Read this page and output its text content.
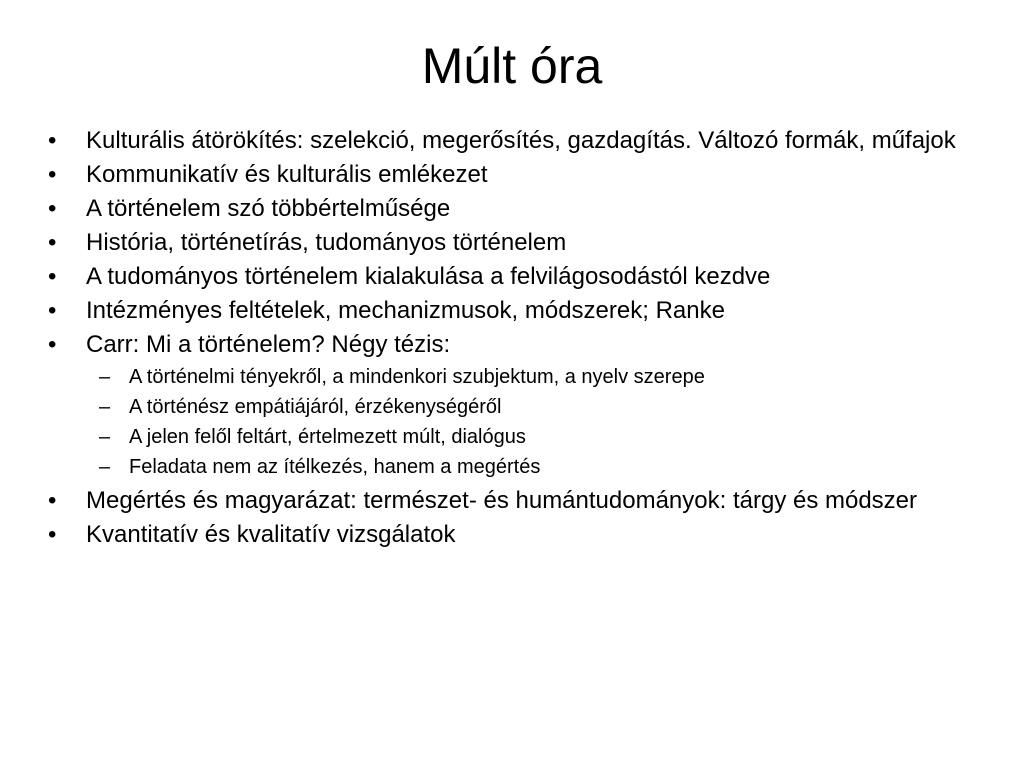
Múlt óra
• Kulturális átörökítés: szelekció, megerősítés, gazdagítás. Változó formák, műfajok
• Kommunikatív és kulturális emlékezet
• A történelem szó többértelműsége
• História, történetírás, tudományos történelem
• A tudományos történelem kialakulása a felvilágosodástól kezdve
• Intézményes feltételek, mechanizmusok, módszerek; Ranke
• Carr: Mi a történelem? Négy tézis:
– A történelmi tényekről, a mindenkori szubjektum, a nyelv szerepe
– A történész empátiájáról, érzékenységéről
– A jelen felől feltárt, értelmezett múlt, dialógus
– Feladata nem az ítélkezés, hanem a megértés
• Megértés és magyarázat: természet- és humántudományok: tárgy és módszer
• Kvantitatív és kvalitatív vizsgálatok
